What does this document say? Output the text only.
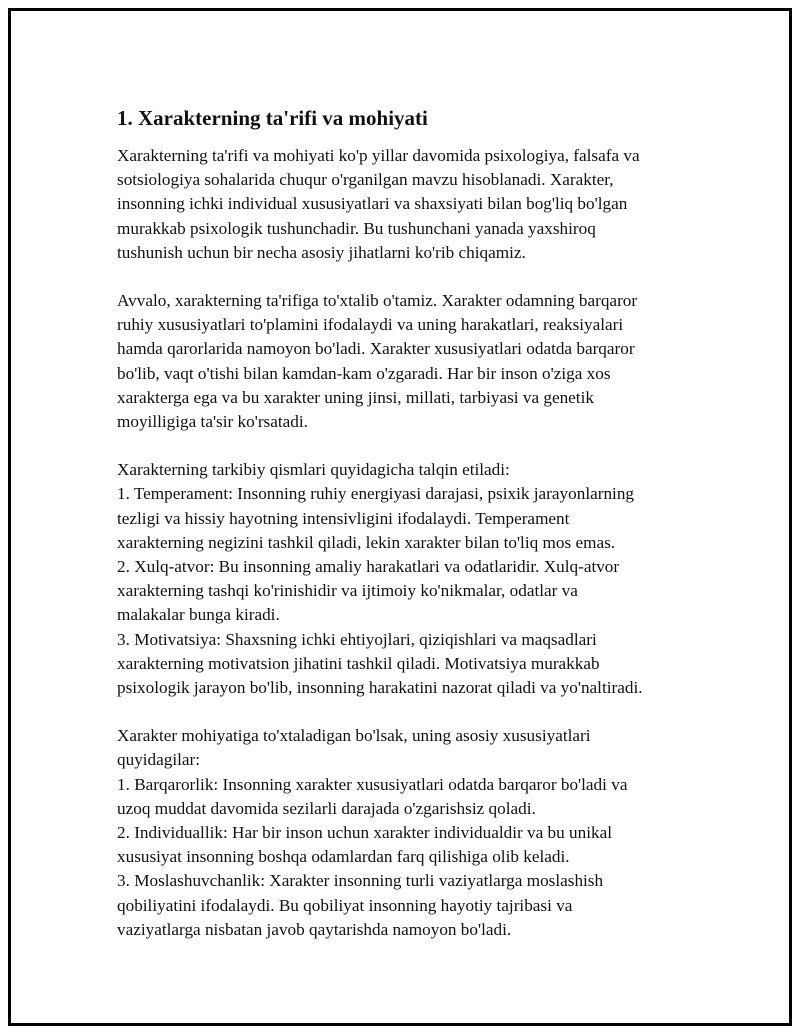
1. Xarakterning ta'rifi va mohiyati

Xarakterning ta'rifi va mohiyati ko'p yillar davomida psixologiya, falsafa va
sotsiologiya sohalarida chuqur o'rganilgan mavzu hisoblanadi. Xarakter,
insonning ichki individual xususiyatlari va shaxsiyati bilan bog'liq bo'lgan
murakkab psixologik tushunchadir. Bu tushunchani yanada yaxshiroq
tushunish uchun bir necha asosiy jihatlarni ko'rib chiqamiz.

Avvalo, xarakterning ta'rifiga to'xtalib o'tamiz. Xarakter odamning barqaror
ruhiy xususiyatlari to'plamini ifodalaydi va uning harakatlari, reaksiyalari
hamda qarorlarida namoyon bo'ladi. Xarakter xususiyatlari odatda barqaror
bo'lib, vaqt o'tishi bilan kamdan-kam o'zgaradi. Har bir inson o'ziga xos
xarakterga ega va bu xarakter uning jinsi, millati, tarbiyasi va genetik
moyilligiga ta'sir ko'rsatadi.

Xarakterning tarkibiy qismlari quyidagicha talqin etiladi:
1. Temperament: Insonning ruhiy energiyasi darajasi, psixik jarayonlarning
tezligi va hissiy hayotning intensivligini ifodalaydi. Temperament
xarakterning negizini tashkil qiladi, lekin xarakter bilan to'liq mos emas.
2. Xulq-atvor: Bu insonning amaliy harakatlari va odatlaridir. Xulq-atvor
xarakterning tashqi ko'rinishidir va ijtimoiy ko'nikmalar, odatlar va
malakalar bunga kiradi.
3. Motivatsiya: Shaxsning ichki ehtiyojlari, qiziqishlari va maqsadlari
xarakterning motivatsion jihatini tashkil qiladi. Motivatsiya murakkab
psixologik jarayon bo'lib, insonning harakatini nazorat qiladi va yo'naltiradi.

Xarakter mohiyatiga to'xtaladigan bo'lsak, uning asosiy xususiyatlari
quyidagilar:
1. Barqarorlik: Insonning xarakter xususiyatlari odatda barqaror bo'ladi va
uzoq muddat davomida sezilarli darajada o'zgarishsiz qoladi.
2. Individuallik: Har bir inson uchun xarakter individualdir va bu unikal
xususiyat insonning boshqa odamlardan farq qilishiga olib keladi.
3. Moslashuvchanlik: Xarakter insonning turli vaziyatlarga moslashish
qobiliyatini ifodalaydi. Bu qobiliyat insonning hayotiy tajribasi va
vaziyatlarga nisbatan javob qaytarishda namoyon bo'ladi.
